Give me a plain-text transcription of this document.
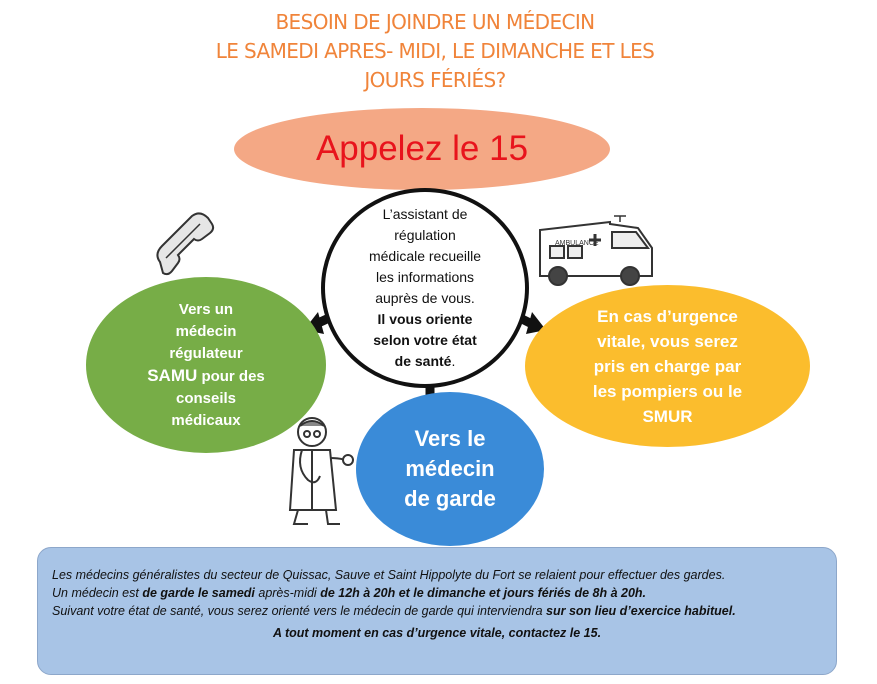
BESOIN DE JOINDRE UN MÉDECIN
LE SAMEDI APRES- MIDI, LE DIMANCHE ET LES
JOURS FÉRIÉS?
Appelez le 15
AMBULANCE
L’assistant de
régulation
médicale recueille
les informations
auprès de vous.
Il vous oriente
selon votre état
de santé.
Vers un
médecin
régulateur
SAMU pour des
conseils
médicaux
Vers le
médecin
de garde
En cas d’urgence
vitale, vous serez
pris en charge par
les pompiers ou le
SMUR
Les médecins généralistes du secteur de Quissac, Sauve et Saint Hippolyte du Fort se relaient pour effectuer des gardes.
Un médecin est de garde le samedi après-midi de 12h à 20h et le dimanche et jours fériés de 8h à 20h.
Suivant votre état de santé, vous serez orienté vers le médecin de garde qui interviendra sur son lieu d’exercice habituel.
A tout moment en cas d’urgence vitale, contactez le 15.
